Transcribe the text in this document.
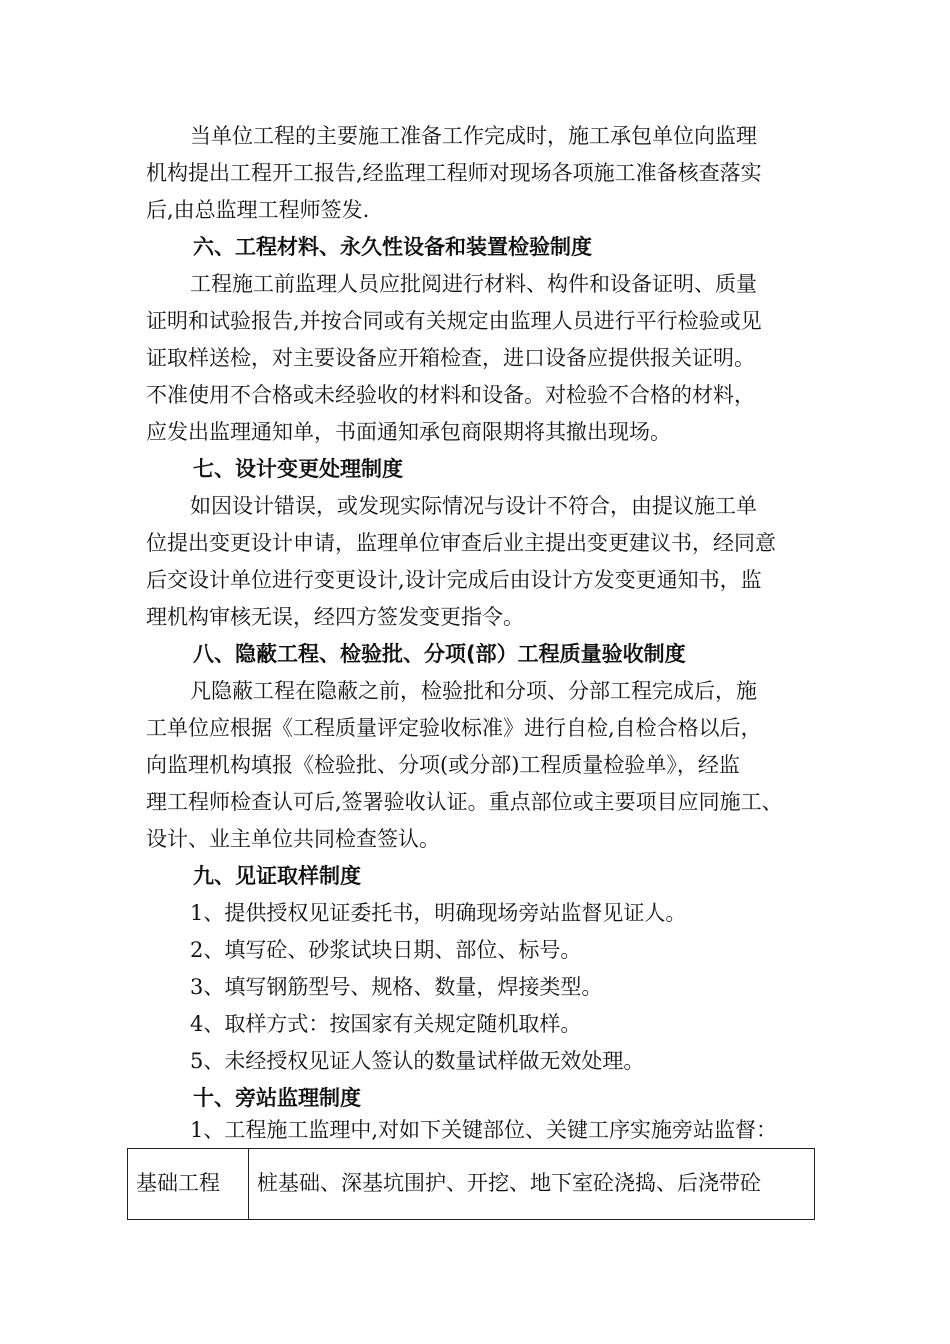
当单位工程的主要施工准备工作完成时，施工承包单位向监理

机构提出工程开工报告,经监理工程师对现场各项施工准备核查落实

后,由总监理工程师签发.

六、工程材料、永久性设备和装置检验制度

工程施工前监理人员应批阅进行材料、构件和设备证明、质量

证明和试验报告,并按合同或有关规定由监理人员进行平行检验或见

证取样送检，对主要设备应开箱检查，进口设备应提供报关证明。

不准使用不合格或未经验收的材料和设备。对检验不合格的材料，

应发出监理通知单，书面通知承包商限期将其撤出现场。

七、设计变更处理制度

如因设计错误，或发现实际情况与设计不符合，由提议施工单

位提出变更设计申请，监理单位审查后业主提出变更建议书，经同意

后交设计单位进行变更设计,设计完成后由设计方发变更通知书，监

理机构审核无误，经四方签发变更指令。

八、隐蔽工程、检验批、分项(部）工程质量验收制度

凡隐蔽工程在隐蔽之前，检验批和分项、分部工程完成后，施

工单位应根据《工程质量评定验收标准》进行自检,自检合格以后，

向监理机构填报《检验批、分项(或分部)工程质量检验单》，经监

理工程师检查认可后,签署验收认证。重点部位或主要项目应同施工、

设计、业主单位共同检查签认。

九、见证取样制度

1、提供授权见证委托书，明确现场旁站监督见证人。

2、填写砼、砂浆试块日期、部位、标号。

3、填写钢筋型号、规格、数量，焊接类型。

4、取样方式：按国家有关规定随机取样。

5、未经授权见证人签认的数量试样做无效处理。

十、旁站监理制度

1、工程施工监理中,对如下关键部位、关键工序实施旁站监督：

基础工程	桩基础、深基坑围护、开挖、地下室砼浇捣、后浇带砼
